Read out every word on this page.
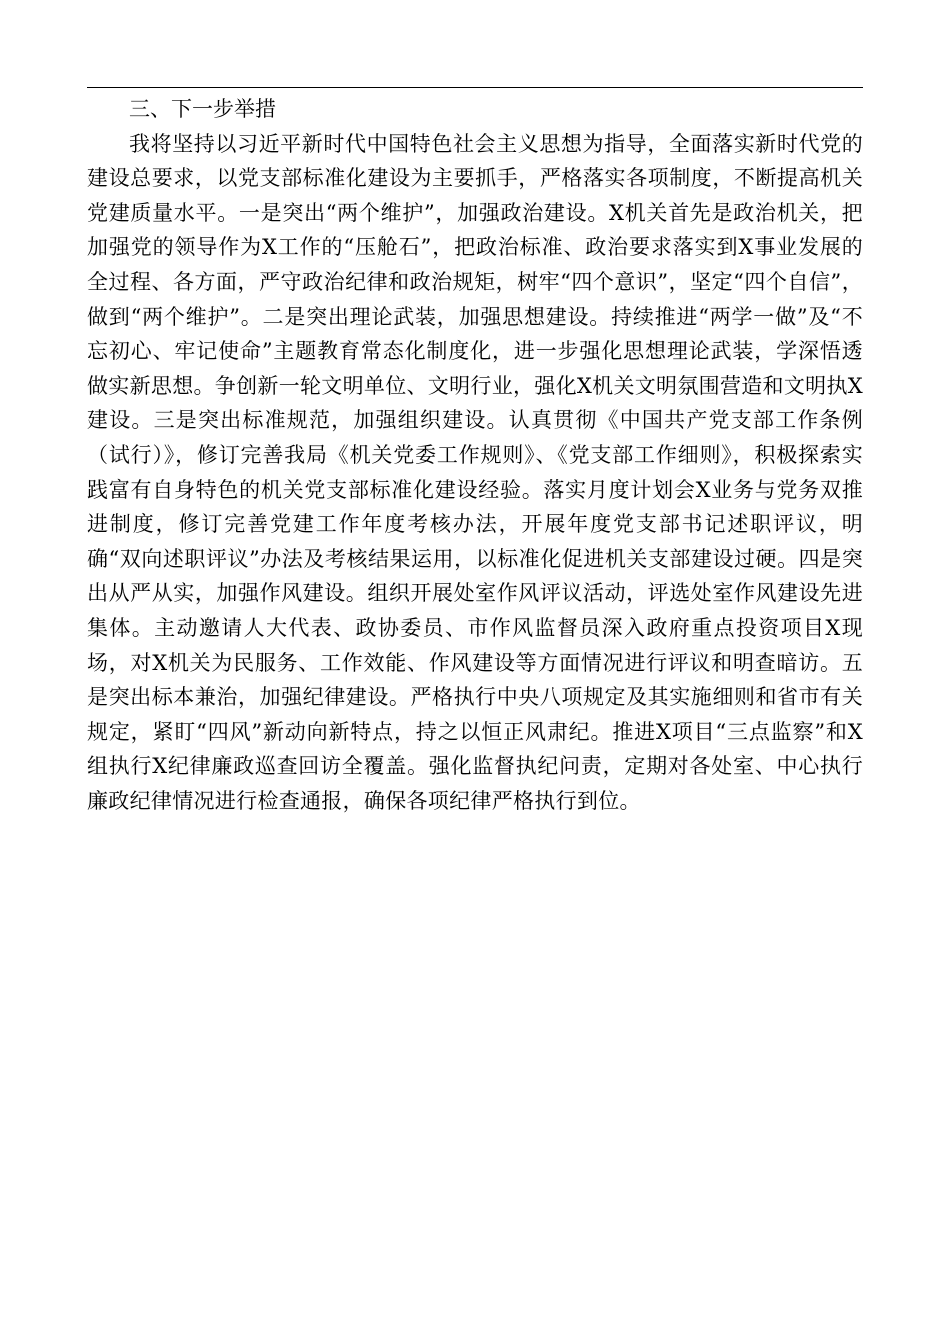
三、下一步举措

我将坚持以习近平新时代中国特色社会主义思想为指导，全面落实新时代党的建设总要求，以党支部标准化建设为主要抓手，严格落实各项制度，不断提高机关党建质量水平。一是突出“两个维护”，加强政治建设。X机关首先是政治机关，把加强党的领导作为X工作的“压舱石”，把政治标准、政治要求落实到X事业发展的全过程、各方面，严守政治纪律和政治规矩，树牢“四个意识”，坚定“四个自信”，做到“两个维护”。二是突出理论武装，加强思想建设。持续推进“两学一做”及“不忘初心、牢记使命”主题教育常态化制度化，进一步强化思想理论武装，学深悟透做实新思想。争创新一轮文明单位、文明行业，强化X机关文明氛围营造和文明执X建设。三是突出标准规范，加强组织建设。认真贯彻《中国共产党支部工作条例（试行）》，修订完善我局《机关党委工作规则》、《党支部工作细则》，积极探索实践富有自身特色的机关党支部标准化建设经验。落实月度计划会X业务与党务双推进制度，修订完善党建工作年度考核办法，开展年度党支部书记述职评议，明确“双向述职评议”办法及考核结果运用，以标准化促进机关支部建设过硬。四是突出从严从实，加强作风建设。组织开展处室作风评议活动，评选处室作风建设先进集体。主动邀请人大代表、政协委员、市作风监督员深入政府重点投资项目X现场，对X机关为民服务、工作效能、作风建设等方面情况进行评议和明查暗访。五是突出标本兼治，加强纪律建设。严格执行中央八项规定及其实施细则和省市有关规定，紧盯“四风”新动向新特点，持之以恒正风肃纪。推进X项目“三点监察”和X组执行X纪律廉政巡查回访全覆盖。强化监督执纪问责，定期对各处室、中心执行廉政纪律情况进行检查通报，确保各项纪律严格执行到位。
